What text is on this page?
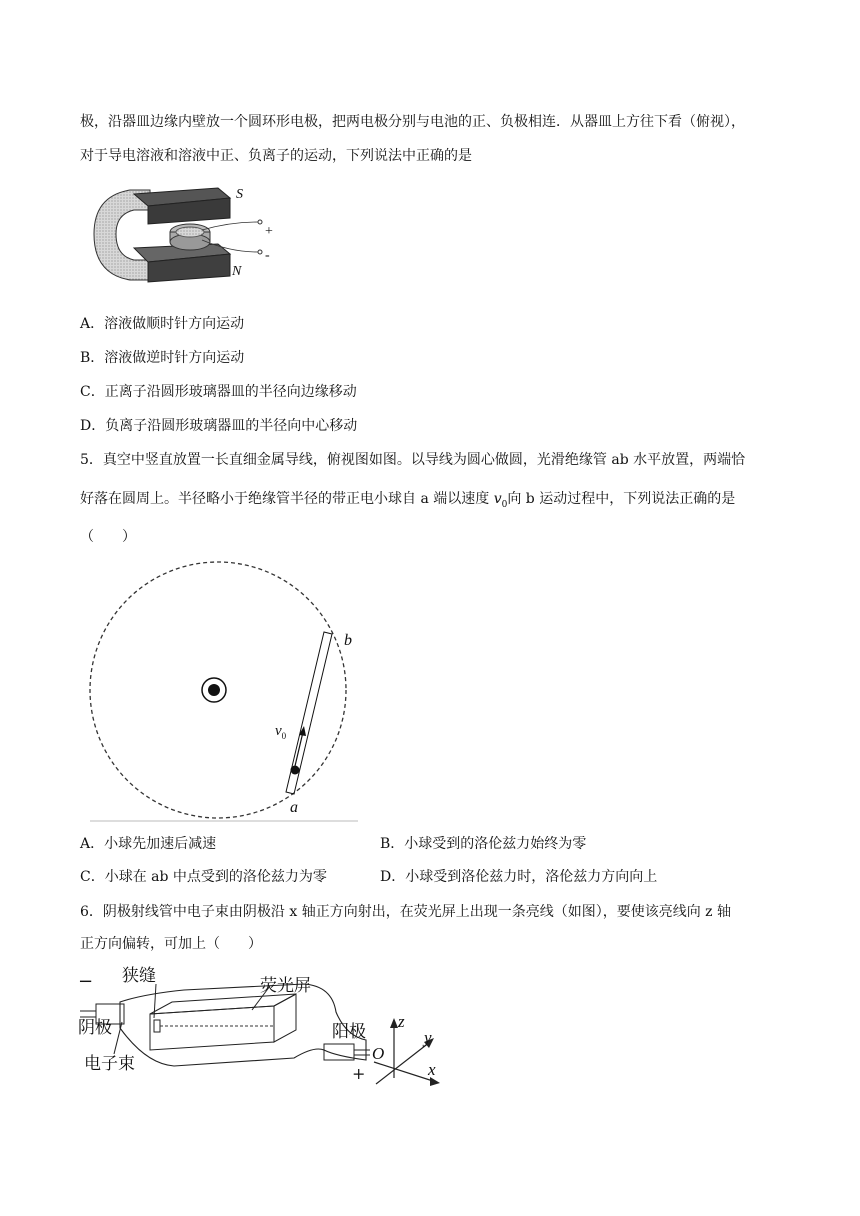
极，沿器皿边缘内壁放一个圆环形电极，把两电极分别与电池的正、负极相连．从器皿上方往下看（俯视），
对于导电溶液和溶液中正、负离子的运动，下列说法中正确的是
S
+
-
N
A．溶液做顺时针方向运动
B．溶液做逆时针方向运动
C．正离子沿圆形玻璃器皿的半径向边缘移动
D．负离子沿圆形玻璃器皿的半径向中心移动
5．真空中竖直放置一长直细金属导线，俯视图如图。以导线为圆心做圆，光滑绝缘管 ab 水平放置，两端恰
好落在圆周上。半径略小于绝缘管半径的带正电小球自 a 端以速度 $v_0$向 b 运动过程中，下列说法正确的是
（　　）
b
a
$v_0$
A．小球先加速后减速	B．小球受到的洛伦兹力始终为零
C．小球在 ab 中点受到的洛伦兹力为零	D．小球受到洛伦兹力时，洛伦兹力方向向上
6．阴极射线管中电子束由阴极沿 x 轴正方向射出，在荧光屏上出现一条亮线（如图），要使该亮线向 z 轴
正方向偏转，可加上（　　）
− 狭缝	荧光屏
阴极	阳极
电子束	+
z
y
O
x
